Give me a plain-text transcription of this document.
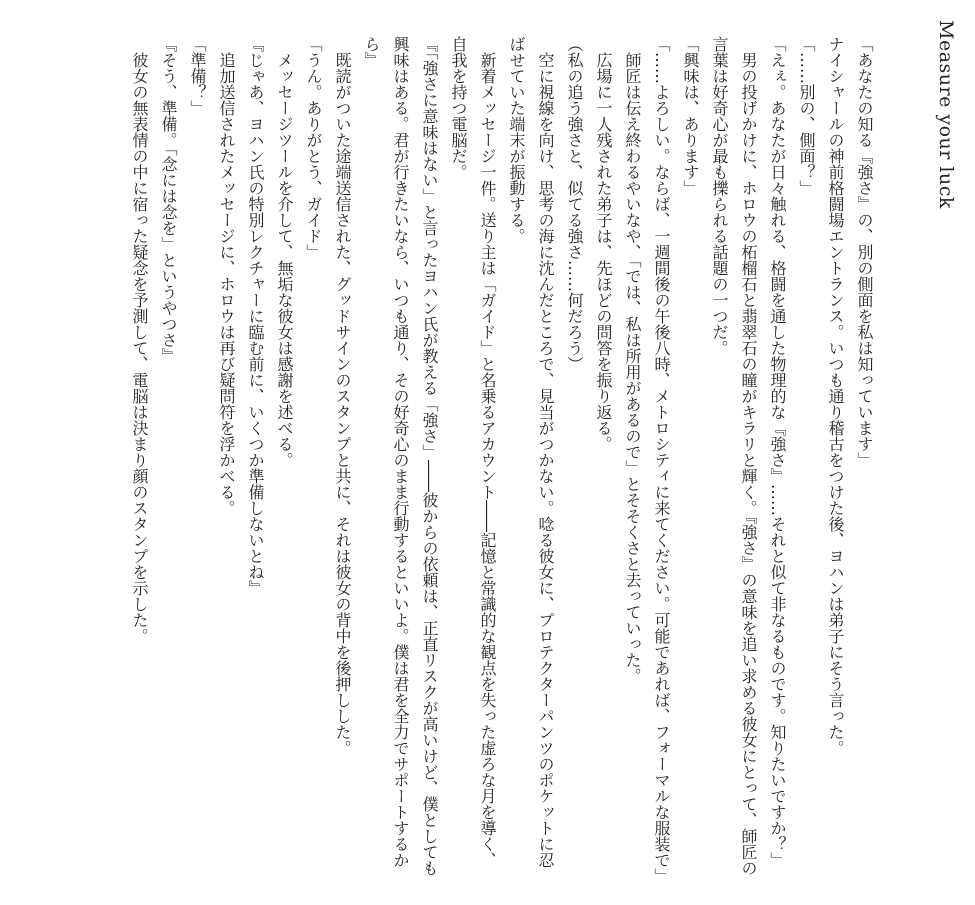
Measure your luck

「あなたの知る『強さ』の、別の側面を私は知っています」

ナイシャールの神前格闘場エントランス。いつも通り稽古をつけた後、ヨハンは弟子にそう言った。

「……別の、側面？」

「えぇ。あなたが日々触れる、格闘を通した物理的な『強さ』……それと似て非なるものです。知りたいですか？」

　男の投げかけに、ホロウの柘榴石と翡翠石の瞳がキラリと輝く。『強さ』の意味を追い求める彼女にとって、師匠の言葉は好奇心が最も擽られる話題の一つだ。

「興味は、あります」

「……よろしい。ならば、一週間後の午後八時、メトロシティに来てください。可能であれば、フォーマルな服装で」

　師匠は伝え終わるやいなや、「では、私は所用があるので」とそそくさと去っていった。

　広場に一人残された弟子は、先ほどの問答を振り返る。

（私の追う強さと、似てる強さ……何だろう）

　空に視線を向け、思考の海に沈んだところで、見当がつかない。唸る彼女に、プロテクターパンツのポケットに忍ばせていた端末が振動する。

　新着メッセージ一件。送り主は「ガイド」と名乗るアカウント――記憶と常識的な観点を失った虚ろな月を導く、自我を持つ電脳だ。

『「強さに意味はない」と言ったヨハン氏が教える「強さ」――彼からの依頼は、正直リスクが高いけど、僕としても興味はある。君が行きたいなら、いつも通り、その好奇心のまま行動するといいよ。僕は君を全力でサポートするから』

　既読がついた途端送信された、グッドサインのスタンプと共に、それは彼女の背中を後押しした。

「うん。ありがとう、ガイド」

　メッセージツールを介して、無垢な彼女は感謝を述べる。

『じゃあ、ヨハン氏の特別レクチャーに臨む前に、いくつか準備しないとね』

　追加送信されたメッセージに、ホロウは再び疑問符を浮かべる。

「準備？」

『そう、準備。「念には念を」というやつさ』

　彼女の無表情の中に宿った疑念を予測して、電脳は決まり顔のスタンプを示した。
